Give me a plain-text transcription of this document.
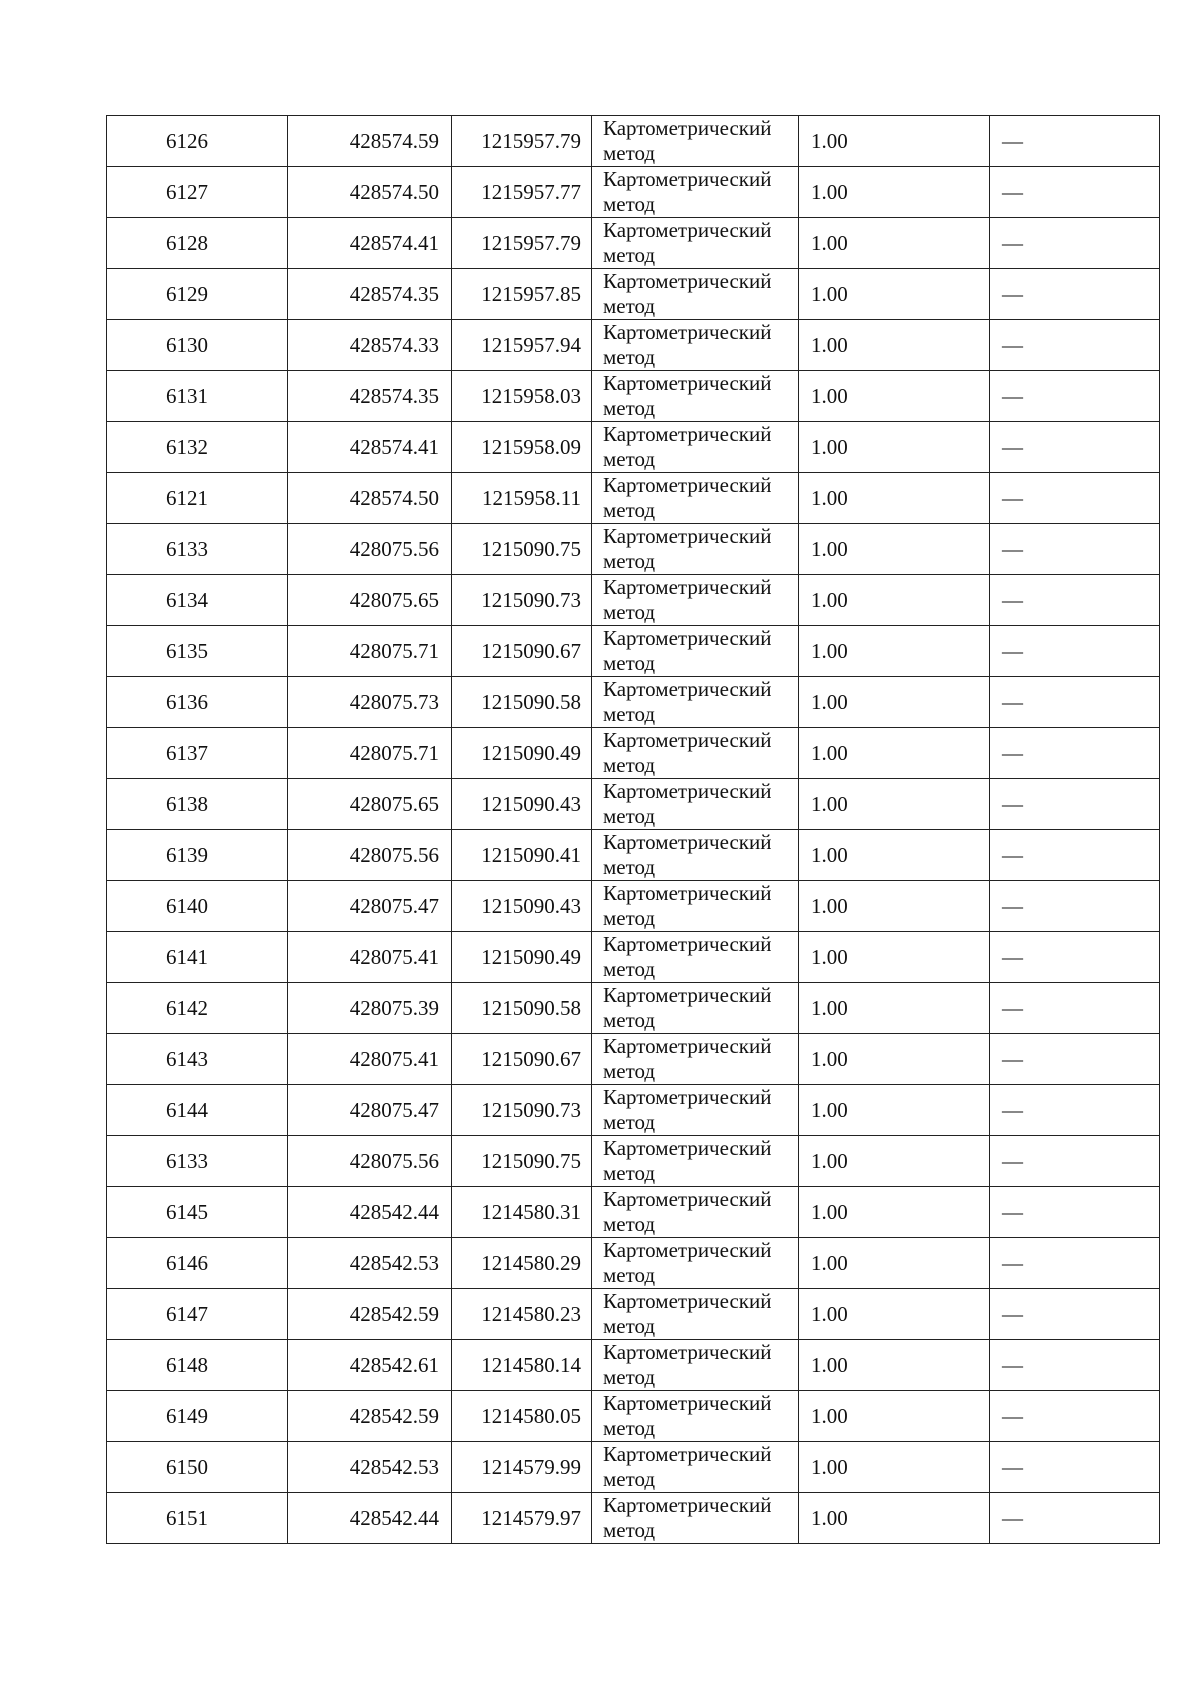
6126	428574.59	1215957.79	Картометрический метод	1.00	—
6127	428574.50	1215957.77	Картометрический метод	1.00	—
6128	428574.41	1215957.79	Картометрический метод	1.00	—
6129	428574.35	1215957.85	Картометрический метод	1.00	—
6130	428574.33	1215957.94	Картометрический метод	1.00	—
6131	428574.35	1215958.03	Картометрический метод	1.00	—
6132	428574.41	1215958.09	Картометрический метод	1.00	—
6121	428574.50	1215958.11	Картометрический метод	1.00	—
6133	428075.56	1215090.75	Картометрический метод	1.00	—
6134	428075.65	1215090.73	Картометрический метод	1.00	—
6135	428075.71	1215090.67	Картометрический метод	1.00	—
6136	428075.73	1215090.58	Картометрический метод	1.00	—
6137	428075.71	1215090.49	Картометрический метод	1.00	—
6138	428075.65	1215090.43	Картометрический метод	1.00	—
6139	428075.56	1215090.41	Картометрический метод	1.00	—
6140	428075.47	1215090.43	Картометрический метод	1.00	—
6141	428075.41	1215090.49	Картометрический метод	1.00	—
6142	428075.39	1215090.58	Картометрический метод	1.00	—
6143	428075.41	1215090.67	Картометрический метод	1.00	—
6144	428075.47	1215090.73	Картометрический метод	1.00	—
6133	428075.56	1215090.75	Картометрический метод	1.00	—
6145	428542.44	1214580.31	Картометрический метод	1.00	—
6146	428542.53	1214580.29	Картометрический метод	1.00	—
6147	428542.59	1214580.23	Картометрический метод	1.00	—
6148	428542.61	1214580.14	Картометрический метод	1.00	—
6149	428542.59	1214580.05	Картометрический метод	1.00	—
6150	428542.53	1214579.99	Картометрический метод	1.00	—
6151	428542.44	1214579.97	Картометрический метод	1.00	—
